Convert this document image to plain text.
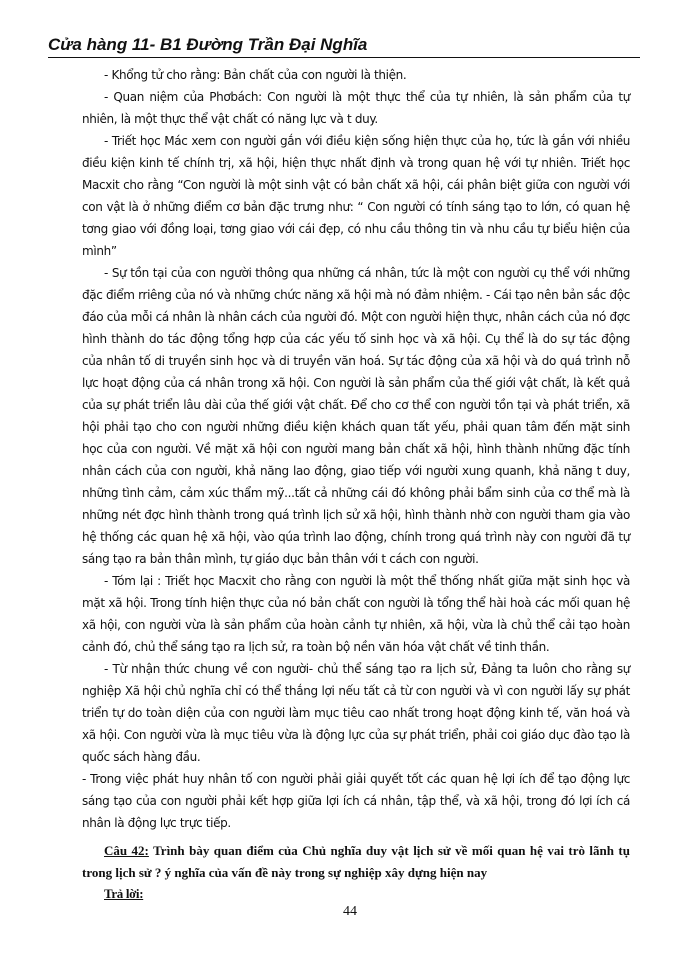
Cửa hàng 11- B1 Đường Trần Đại Nghĩa

- Khổng tử cho rằng: Bản chất của con người là thiện.

- Quan niệm của Phơbách: Con người là một thực thể của tự nhiên, là sản phẩm của tự nhiên, là một thực thể vật chất có năng lực và t duy.

- Triết học Mác xem con người gắn với điều kiện sống hiện thực của họ, tức là gắn với nhiều điều kiện kinh tế chính trị, xã hội, hiện thực nhất định và trong quan hệ với tự nhiên. Triết học Macxit cho rằng “Con người là một sinh vật có bản chất xã hội, cái phân biệt giữa con người với con vật là ở những điểm cơ bản đặc trưng như: “ Con người có tính sáng tạo to lớn, có quan hệ tơng giao với đồng loại, tơng giao với cái đẹp, có nhu cầu thông tin và nhu cầu tự biểu hiện của mình”

- Sự tồn tại của con người thông qua những cá nhân, tức là một con người cụ thể với những đặc điểm rriêng của nó và những chức năng xã hội mà nó đảm nhiệm. - Cái tạo nên bản sắc độc đáo của mỗi cá nhân là nhân cách của người đó. Một con người hiện thực, nhân cách của nó đợc hình thành do tác động tổng hợp của các yếu tố sinh học và xã hội. Cụ thể là do sự tác động của nhân tố di truyền sinh học và di truyền văn hoá. Sự tác động của xã hội và do quá trình nỗ lực hoạt động của cá nhân trong xã hội. Con người là sản phẩm của thế giới vật chất, là kết quả của sự phát triển lâu dài của thế giới vật chất. Để cho cơ thể con người tồn tại và phát triển, xã hội phải tạo cho con người những điều kiện khách quan tất yếu, phải quan tâm đến mặt sinh học của con người. Về mặt xã hội con người mang bản chất xã hội, hình thành những đặc tính nhân cách của con người, khả năng lao động, giao tiếp với người xung quanh, khả năng t duy, những tình cảm, cảm xúc thẩm mỹ...tất cả những cái đó không phải bẩm sinh của cơ thể mà là những nét đợc hình thành trong quá trình lịch sử xã hội, hình thành nhờ con người tham gia vào hệ thống các quan hệ xã hội, vào qúa trình lao động, chính trong quá trình này con người đã tự sáng tạo ra bản thân mình, tự giáo dục bản thân với t cách con người.

- Tóm lại : Triết học Macxit cho rằng con người là một thể thống nhất giữa mặt sinh học và mặt xã hội. Trong tính hiện thực của nó bản chất con người là tổng thể hài hoà các mối quan hệ xã hội, con người vừa là sản phẩm của hoàn cảnh tự nhiên, xã hội, vừa là chủ thể cải tạo hoàn cảnh đó, chủ thể sáng tạo ra lịch sử, ra toàn bộ nền văn hóa vật chất về tinh thần.

- Từ nhận thức chung về con người- chủ thể sáng tạo ra lịch sử, Đảng ta luôn cho rằng sự nghiệp Xã hội chủ nghĩa chỉ có thể thắng lợi nếu tất cả từ con người và vì con người lấy sự phát triển tự do toàn diện của con người làm mục tiêu cao nhất trong hoạt động kinh tế, văn hoá và xã hội. Con người vừa là mục tiêu vừa là động lực của sự phát triển, phải coi giáo dục đào tạo là quốc sách hàng đầu.

- Trong việc phát huy nhân tố con người phải giải quyết tốt các quan hệ lợi ích để tạo động lực sáng tạo của con người phải kết hợp giữa lợi ích cá nhân, tập thể, và xã hội, trong đó lợi ích cá nhân là động lực trực tiếp.

Câu 42: Trình bày quan điểm của Chủ nghĩa duy vật lịch sử về mối quan hệ vai trò lãnh tụ trong lịch sử ? ý nghĩa của vấn đề này trong sự nghiệp xây dựng hiện nay

Trả lời:

44
